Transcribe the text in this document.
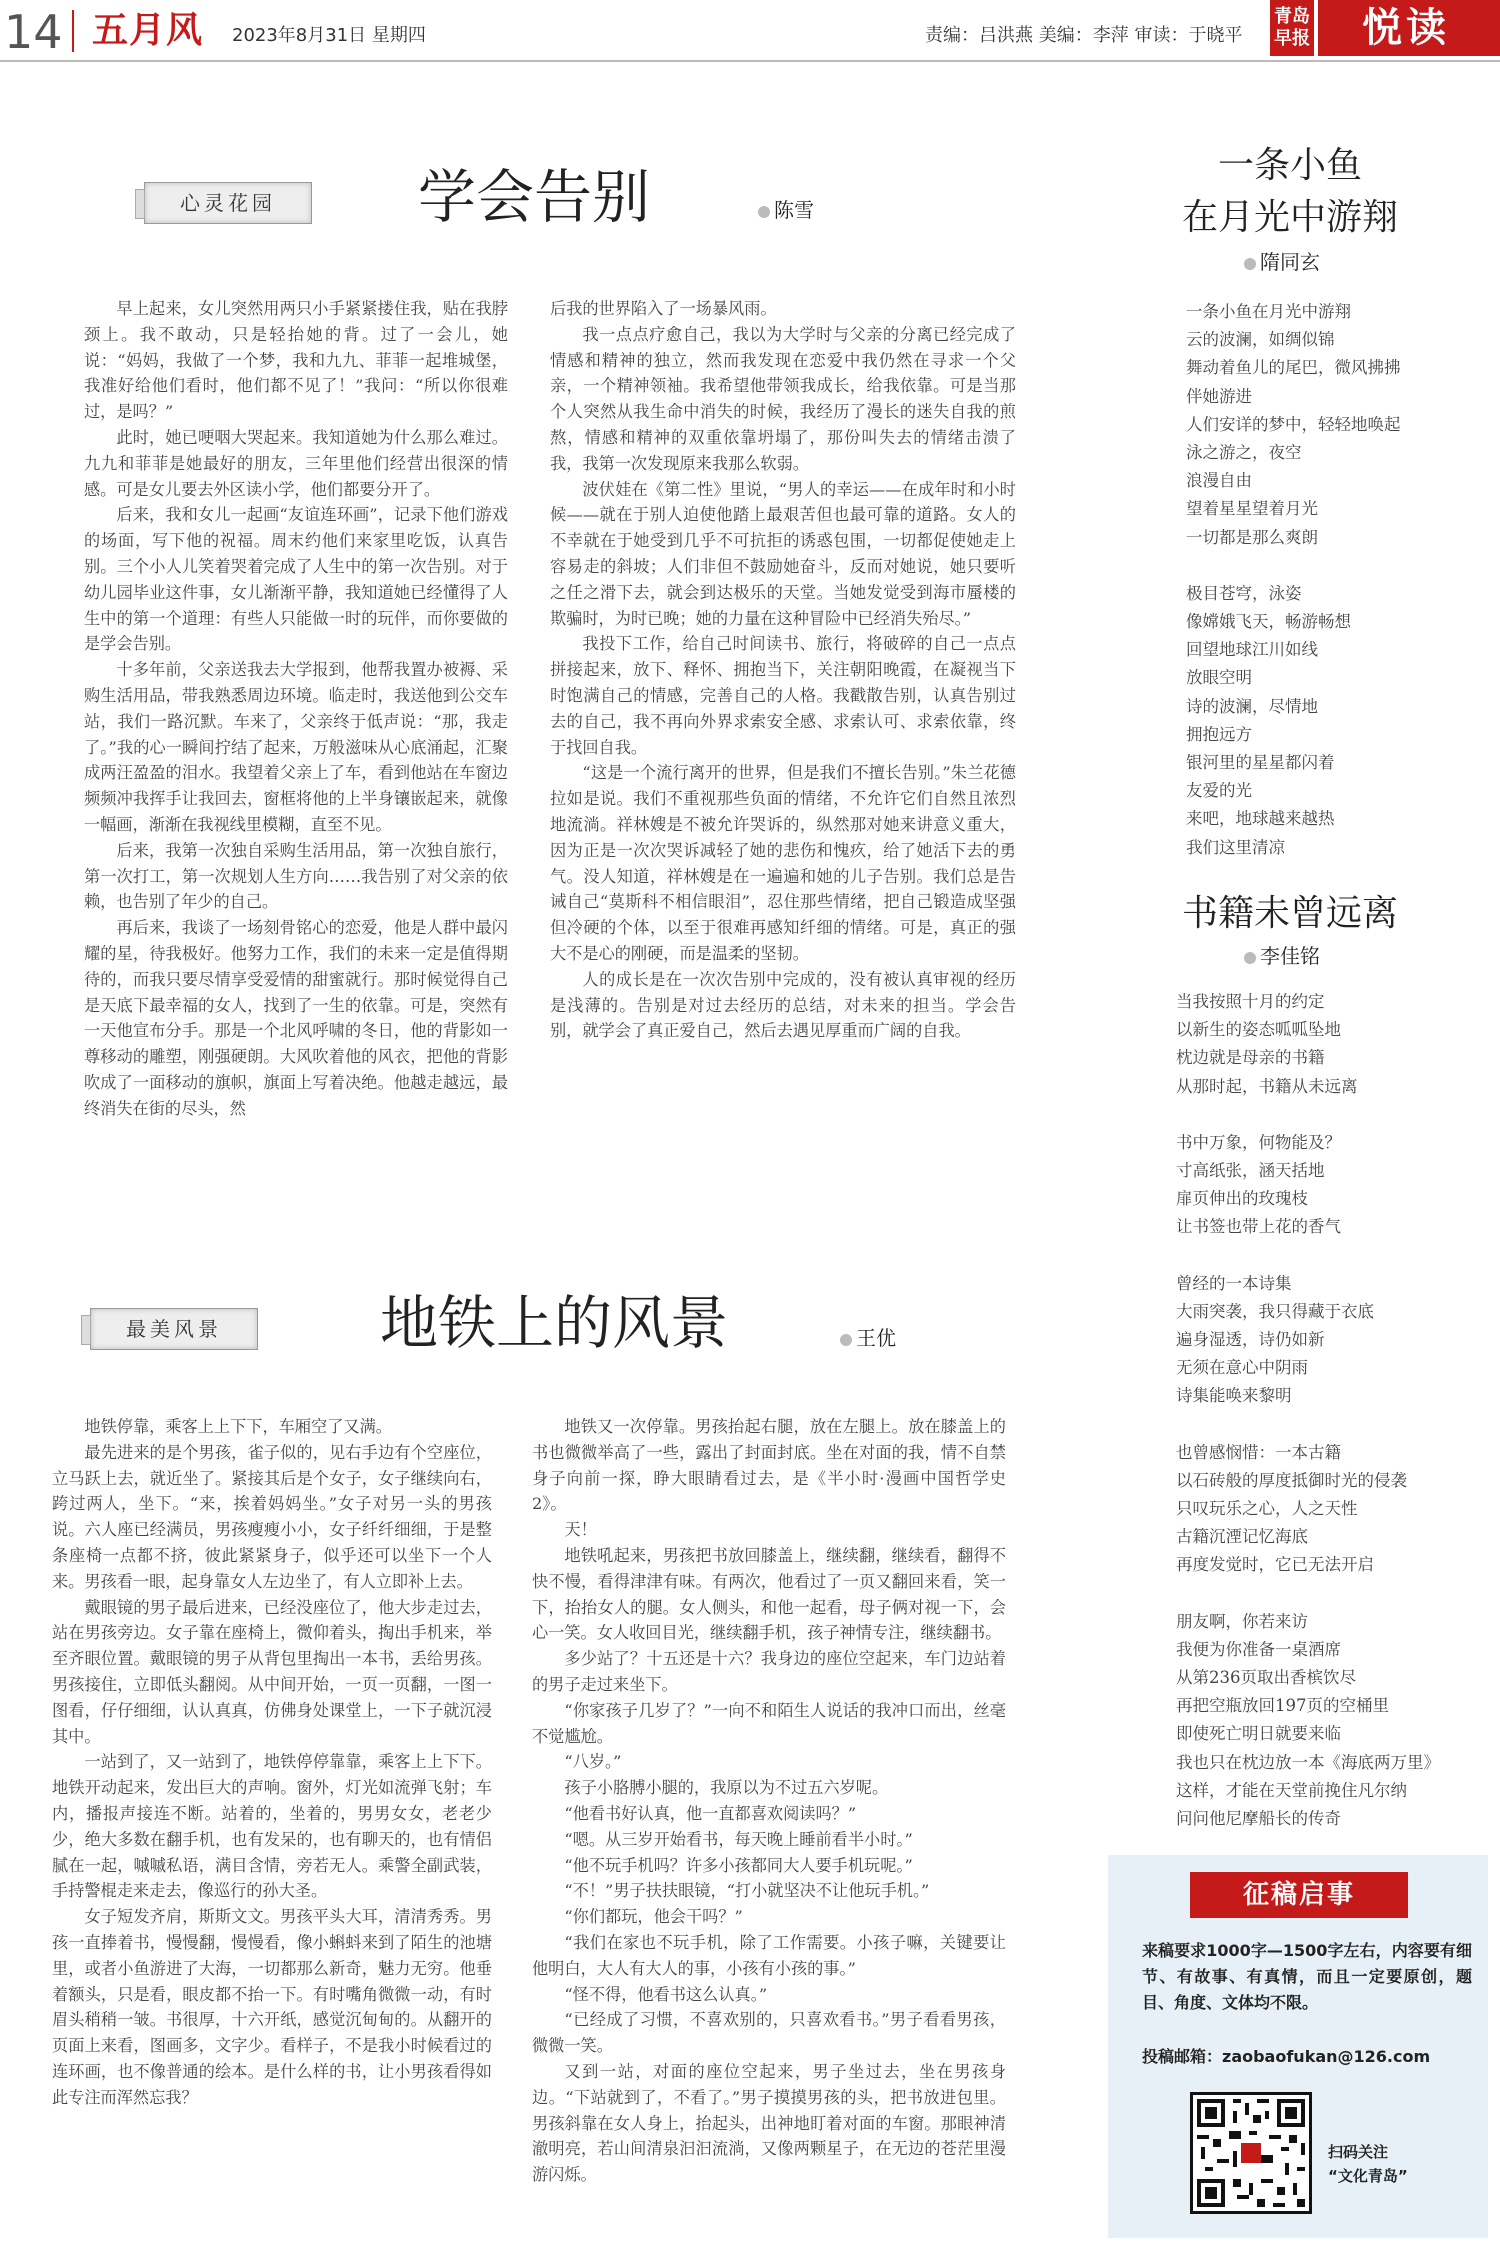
14 五月风 2023年8月31日 星期四	责编：吕洪燕 美编：李萍 审读：于晓平
青岛
早报	悦读
心灵花园	学会告别	陈雪

早上起来，女儿突然用两只小手紧紧搂住我，贴在我脖颈上。我不敢动，只是轻抬她的背。过了一会儿，她说：“妈妈，我做了一个梦，我和九九、菲菲一起堆城堡，我准好给他们看时，他们都不见了！”我问：“所以你很难过，是吗？”

此时，她已哽咽大哭起来。我知道她为什么那么难过。九九和菲菲是她最好的朋友，三年里他们经营出很深的情感。可是女儿要去外区读小学，他们都要分开了。

后来，我和女儿一起画“友谊连环画”，记录下他们游戏的场面，写下他的祝福。周末约他们来家里吃饭，认真告别。三个小人儿笑着哭着完成了人生中的第一次告别。对于幼儿园毕业这件事，女儿渐渐平静，我知道她已经懂得了人生中的第一个道理：有些人只能做一时的玩伴，而你要做的是学会告别。

十多年前，父亲送我去大学报到，他帮我置办被褥、采购生活用品，带我熟悉周边环境。临走时，我送他到公交车站，我们一路沉默。车来了，父亲终于低声说：“那，我走了。”我的心一瞬间拧结了起来，万般滋味从心底涌起，汇聚成两汪盈盈的泪水。我望着父亲上了车，看到他站在车窗边频频冲我挥手让我回去，窗框将他的上半身镶嵌起来，就像一幅画，渐渐在我视线里模糊，直至不见。

后来，我第一次独自采购生活用品，第一次独自旅行，第一次打工，第一次规划人生方向……我告别了对父亲的依赖，也告别了年少的自己。

再后来，我谈了一场刻骨铭心的恋爱，他是人群中最闪耀的星，待我极好。他努力工作，我们的未来一定是值得期待的，而我只要尽情享受爱情的甜蜜就行。那时候觉得自己是天底下最幸福的女人，找到了一生的依靠。可是，突然有一天他宣布分手。那是一个北风呼啸的冬日，他的背影如一尊移动的雕塑，刚强硬朗。大风吹着他的风衣，把他的背影吹成了一面移动的旗帜，旗面上写着决绝。他越走越远，最终消失在街的尽头，然

后我的世界陷入了一场暴风雨。

我一点点疗愈自己，我以为大学时与父亲的分离已经完成了情感和精神的独立，然而我发现在恋爱中我仍然在寻求一个父亲，一个精神领袖。我希望他带领我成长，给我依靠。可是当那个人突然从我生命中消失的时候，我经历了漫长的迷失自我的煎熬，情感和精神的双重依靠坍塌了，那份叫失去的情绪击溃了我，我第一次发现原来我那么软弱。

波伏娃在《第二性》里说，“男人的幸运——在成年时和小时候——就在于别人迫使他踏上最艰苦但也最可靠的道路。女人的不幸就在于她受到几乎不可抗拒的诱惑包围，一切都促使她走上容易走的斜坡；人们非但不鼓励她奋斗，反而对她说，她只要听之任之滑下去，就会到达极乐的天堂。当她发觉受到海市蜃楼的欺骗时，为时已晚；她的力量在这种冒险中已经消失殆尽。”

我投下工作，给自己时间读书、旅行，将破碎的自己一点点拼接起来，放下、释怀、拥抱当下，关注朝阳晚霞，在凝视当下时饱满自己的情感，完善自己的人格。我戳散告别，认真告别过去的自己，我不再向外界求索安全感、求索认可、求索依靠，终于找回自我。

“这是一个流行离开的世界，但是我们不擅长告别。”朱兰花德拉如是说。我们不重视那些负面的情绪，不允许它们自然且浓烈地流淌。祥林嫂是不被允许哭诉的，纵然那对她来讲意义重大，因为正是一次次哭诉减轻了她的悲伤和愧疚，给了她活下去的勇气。没人知道，祥林嫂是在一遍遍和她的儿子告别。我们总是告诫自己“莫斯科不相信眼泪”，忍住那些情绪，把自己锻造成坚强但冷硬的个体，以至于很难再感知纤细的情绪。可是，真正的强大不是心的刚硬，而是温柔的坚韧。

人的成长是在一次次告别中完成的，没有被认真审视的经历是浅薄的。告别是对过去经历的总结，对未来的担当。学会告别，就学会了真正爱自己，然后去遇见厚重而广阔的自我。

最美风景	地铁上的风景	王优

地铁停靠，乘客上上下下，车厢空了又满。

最先进来的是个男孩，雀子似的，见右手边有个空座位，立马跃上去，就近坐了。紧接其后是个女子，女子继续向右，跨过两人，坐下。“来，挨着妈妈坐。”女子对另一头的男孩说。六人座已经满员，男孩瘦瘦小小，女子纤纤细细，于是整条座椅一点都不挤，彼此紧紧身子，似乎还可以坐下一个人来。男孩看一眼，起身靠女人左边坐了，有人立即补上去。

戴眼镜的男子最后进来，已经没座位了，他大步走过去，站在男孩旁边。女子靠在座椅上，微仰着头，掏出手机来，举至齐眼位置。戴眼镜的男子从背包里掏出一本书，丢给男孩。男孩接住，立即低头翻阅。从中间开始，一页一页翻，一图一图看，仔仔细细，认认真真，仿佛身处课堂上，一下子就沉浸其中。

一站到了，又一站到了，地铁停停靠靠，乘客上上下下。地铁开动起来，发出巨大的声响。窗外，灯光如流弹飞射；车内，播报声接连不断。站着的，坐着的，男男女女，老老少少，绝大多数在翻手机，也有发呆的，也有聊天的，也有情侣腻在一起，嘁嘁私语，满目含情，旁若无人。乘警全副武装，手持警棍走来走去，像巡行的孙大圣。

女子短发齐肩，斯斯文文。男孩平头大耳，清清秀秀。男孩一直捧着书，慢慢翻，慢慢看，像小蝌蚪来到了陌生的池塘里，或者小鱼游进了大海，一切都那么新奇，魅力无穷。他垂着额头，只是看，眼皮都不抬一下。有时嘴角微微一动，有时眉头稍稍一皱。书很厚，十六开纸，感觉沉甸甸的。从翻开的页面上来看，图画多，文字少。看样子，不是我小时候看过的连环画，也不像普通的绘本。是什么样的书，让小男孩看得如此专注而浑然忘我？

地铁又一次停靠。男孩抬起右腿，放在左腿上。放在膝盖上的书也微微举高了一些，露出了封面封底。坐在对面的我，情不自禁身子向前一探，睁大眼睛看过去，是《半小时·漫画中国哲学史2》。

天！

地铁吼起来，男孩把书放回膝盖上，继续翻，继续看，翻得不快不慢，看得津津有味。有两次，他看过了一页又翻回来看，笑一下，抬抬女人的腿。女人侧头，和他一起看，母子俩对视一下，会心一笑。女人收回目光，继续翻手机，孩子神情专注，继续翻书。

多少站了？十五还是十六？我身边的座位空起来，车门边站着的男子走过来坐下。

“你家孩子几岁了？”一向不和陌生人说话的我冲口而出，丝毫不觉尴尬。

“八岁。”

孩子小胳膊小腿的，我原以为不过五六岁呢。

“他看书好认真，他一直都喜欢阅读吗？”

“嗯。从三岁开始看书，每天晚上睡前看半小时。”

“他不玩手机吗？许多小孩都同大人要手机玩呢。”

“不！”男子扶扶眼镜，“打小就坚决不让他玩手机。”

“你们都玩，他会干吗？”

“我们在家也不玩手机，除了工作需要。小孩子嘛，关键要让他明白，大人有大人的事，小孩有小孩的事。”

“怪不得，他看书这么认真。”

“已经成了习惯，不喜欢别的，只喜欢看书。”男子看看男孩，微微一笑。

又到一站，对面的座位空起来，男子坐过去，坐在男孩身边。“下站就到了，不看了。”男子摸摸男孩的头，把书放进包里。男孩斜靠在女人身上，抬起头，出神地盯着对面的车窗。那眼神清澈明亮，若山间清泉汩汩流淌，又像两颗星子，在无边的苍茫里漫游闪烁。

一条小鱼
在月光中游翔
隋同玄

一条小鱼在月光中游翔

云的波澜，如绸似锦

舞动着鱼儿的尾巴，微风拂拂

伴她游进

人们安详的梦中，轻轻地唤起

泳之游之，夜空

浪漫自由

望着星星望着月光

一切都是那么爽朗

极目苍穹，泳姿

像嫦娥飞天，畅游畅想

回望地球江川如线

放眼空明

诗的波澜，尽情地

拥抱远方

银河里的星星都闪着

友爱的光

来吧，地球越来越热

我们这里清凉

书籍未曾远离
李佳铭

当我按照十月的约定

以新生的姿态呱呱坠地

枕边就是母亲的书籍

从那时起，书籍从未远离

书中万象，何物能及？

寸高纸张，涵天括地

扉页伸出的玫瑰枝

让书签也带上花的香气

曾经的一本诗集

大雨突袭，我只得藏于衣底

遍身湿透，诗仍如新

无须在意心中阴雨

诗集能唤来黎明

也曾感悯惜：一本古籍

以石砖般的厚度抵御时光的侵袭

只叹玩乐之心，人之天性

古籍沉湮记忆海底

再度发觉时，它已无法开启

朋友啊，你若来访

我便为你准备一桌酒席

从第236页取出香槟饮尽

再把空瓶放回197页的空桶里

即使死亡明日就要来临

我也只在枕边放一本《海底两万里》

这样，才能在天堂前挽住凡尔纳

问问他尼摩船长的传奇

征稿启事
来稿要求1000字—1500字左右，内容要有细节、有故事、有真情，而且一定要原创，题目、角度、文体均不限。
投稿邮箱：zaobaofukan@126.com
扫码关注
“文化青岛”
